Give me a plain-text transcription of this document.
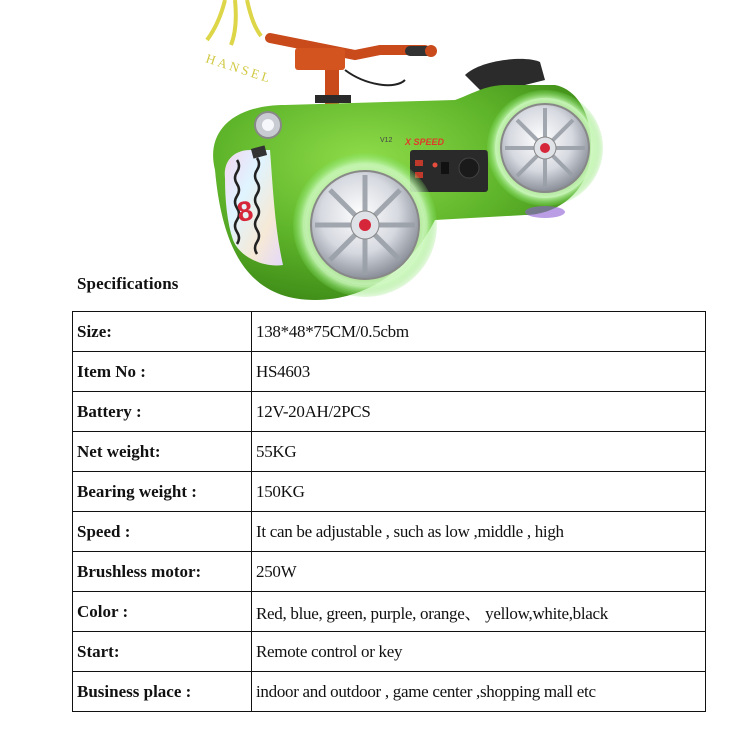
HANSEL
8
X SPEED
V12
Specifications
Size:	138*48*75CM/0.5cbm
Item No :	HS4603
Battery :	12V-20AH/2PCS
Net weight:	55KG
Bearing weight :	150KG
Speed :	It can be adjustable , such as low ,middle , high
Brushless motor:	250W
Color :	Red, blue, green, purple, orange、 yellow,white,black
Start:	Remote control or key
Business place :	indoor and outdoor , game center ,shopping mall etc
